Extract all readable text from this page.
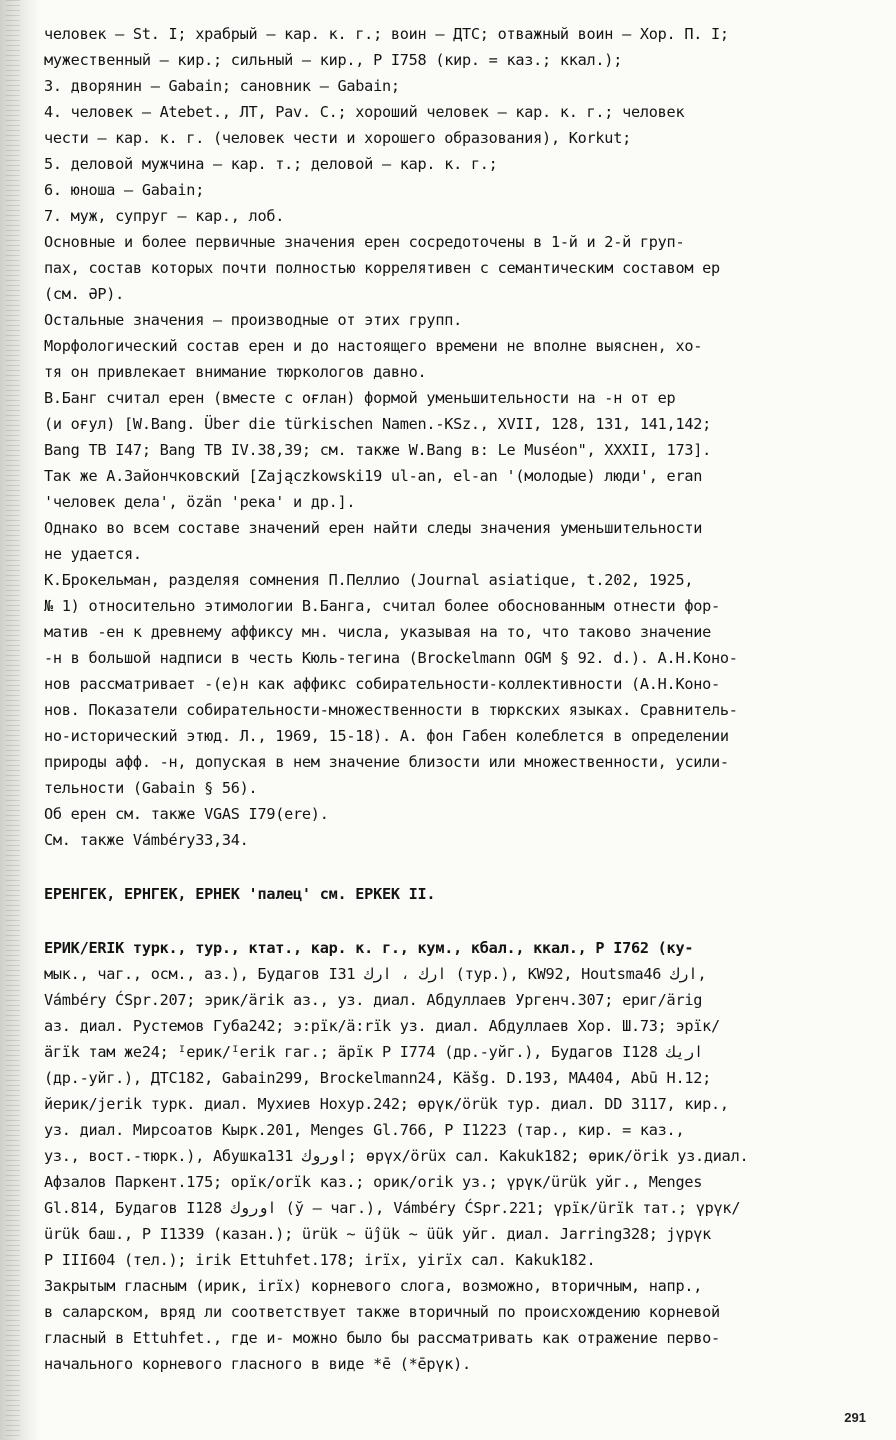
человек – St. I; храбрый – кар. к. г.; воин – ДТС; отважный воин – Хор. П. I;
мужественный – кир.; сильный – кир., P I758 (кир. = каз.; ккал.);
3. дворянин – Gabain; сановник – Gabain;
4. человек – Atebet., ЛТ, Pav. C.; хороший человек – кар. к. г.; человек
чести – кар. к. г. (человек чести и хорошего образования), Korkut;
5. деловой мужчина – кар. т.; деловой – кар. к. г.;
6. юноша – Gabain;
7. муж, супруг – кар., лоб.
Основные и более первичные значения ерен сосредоточены в 1-й и 2-й груп-
пах, состав которых почти полностью коррелятивен с семантическим составом ер
(см. ӘР).
Остальные значения – производные от этих групп.
Морфологический состав ерен и до настоящего времени не вполне выяснен, хо-
тя он привлекает внимание тюркологов давно.
В.Банг считал ерен (вместе с оғлан) формой уменьшительности на -н от ер
(и оғул) [W.Bang. Über die türkischen Namen.-KSz., XVII, 128, 131, 141,142;
Bang TB I47; Bang TB IV.38,39; см. также W.Bang в: Le Muséon", XXXII, 173].
Так же А.Зайончковский [Zajączkowski19 ul-an, el-an '(молодые) люди', eran
'человек дела', özän 'река' и др.].
Однако во всем составе значений ерен найти следы значения уменьшительности
не удается.
К.Брокельман, разделяя сомнения П.Пеллио (Journal asiatique, t.202, 1925,
№ 1) относительно этимологии В.Банга, считал более обоснованным отнести фор-
матив -ен к древнему аффиксу мн. числа, указывая на то, что таково значение
-н в большой надписи в честь Кюль-тегина (Brockelmann OGM § 92. d.). А.Н.Коно-
нов рассматривает -(е)н как аффикс собирательности-коллективности (А.Н.Коно-
нов. Показатели собирательности-множественности в тюркских языках. Сравнитель-
но-исторический этюд. Л., 1969, 15-18). А. фон Габен колеблется в определении
природы афф. -н, допуская в нем значение близости или множественности, усили-
тельности (Gabain § 56).
Об ерен см. также VGAS I79(ere).
См. также Vámbéry33,34.
ЕРЕНГЕК, ЕРНГЕК, ЕРНЕК 'палец' см. ЕРКЕК II.
ЕРИК/ERIK турк., тур., ктат., кар. к. г., кум., кбал., ккал., P I762 (ку-
мык., чаг., осм., аз.), Будагов I31 ارك ، ارك (тур.), KW92, Houtsma46 ارك,
Vámbéry ĆSpr.207; эрик/ärik аз., уз. диал. Абдуллаев Ургенч.307; ериг/ärig
аз. диал. Рустемов Губа242; э:рїк/ä:rїk уз. диал. Абдуллаев Хор. Ш.73; эрїк/
äгїk там же24; ᴵерик/ᴵerik гаг.; äрїк P I774 (др.-уйг.), Будагов I128 اريك
(др.-уйг.), ДТС182, Gabain299, Brockelmann24, Käšg. D.193, MA404, Abū H.12;
йерик/jerik турк. диал. Мухиев Нохур.242; өрүк/örük тур. диал. DD 3117, кир.,
уз. диал. Мирсоатов Кырк.201, Menges Gl.766, P I1223 (тар., кир. = каз.,
уз., вост.-тюрк.), Абушка131 اوروك; өрүх/örüx сал. Kakuk182; өрик/örik уз.диал.
Афзалов Паркент.175; орїк/orїk каз.; орик/orik уз.; үрүк/ürük уйг., Menges
Gl.814, Будагов I128 اوروك (ў – чаг.), Vámbéry ĆSpr.221; үрїк/ürїk тат.; үрүк/
ürük баш., P I1339 (казан.); ürük ~ üĵük ~ üük уйг. диал. Jarring328; jүрүк
P III604 (тел.); irik Ettuhfet.178; irїx, yirїx сал. Kakuk182.
Закрытым гласным (ирик, irїx) корневого слога, возможно, вторичным, напр.,
в саларском, вряд ли соответствует также вторичный по происхождению корневой
гласный в Ettuhfet., где и- можно было бы рассматривать как отражение перво-
начального корневого гласного в виде *ē (*ēрүк).
291
